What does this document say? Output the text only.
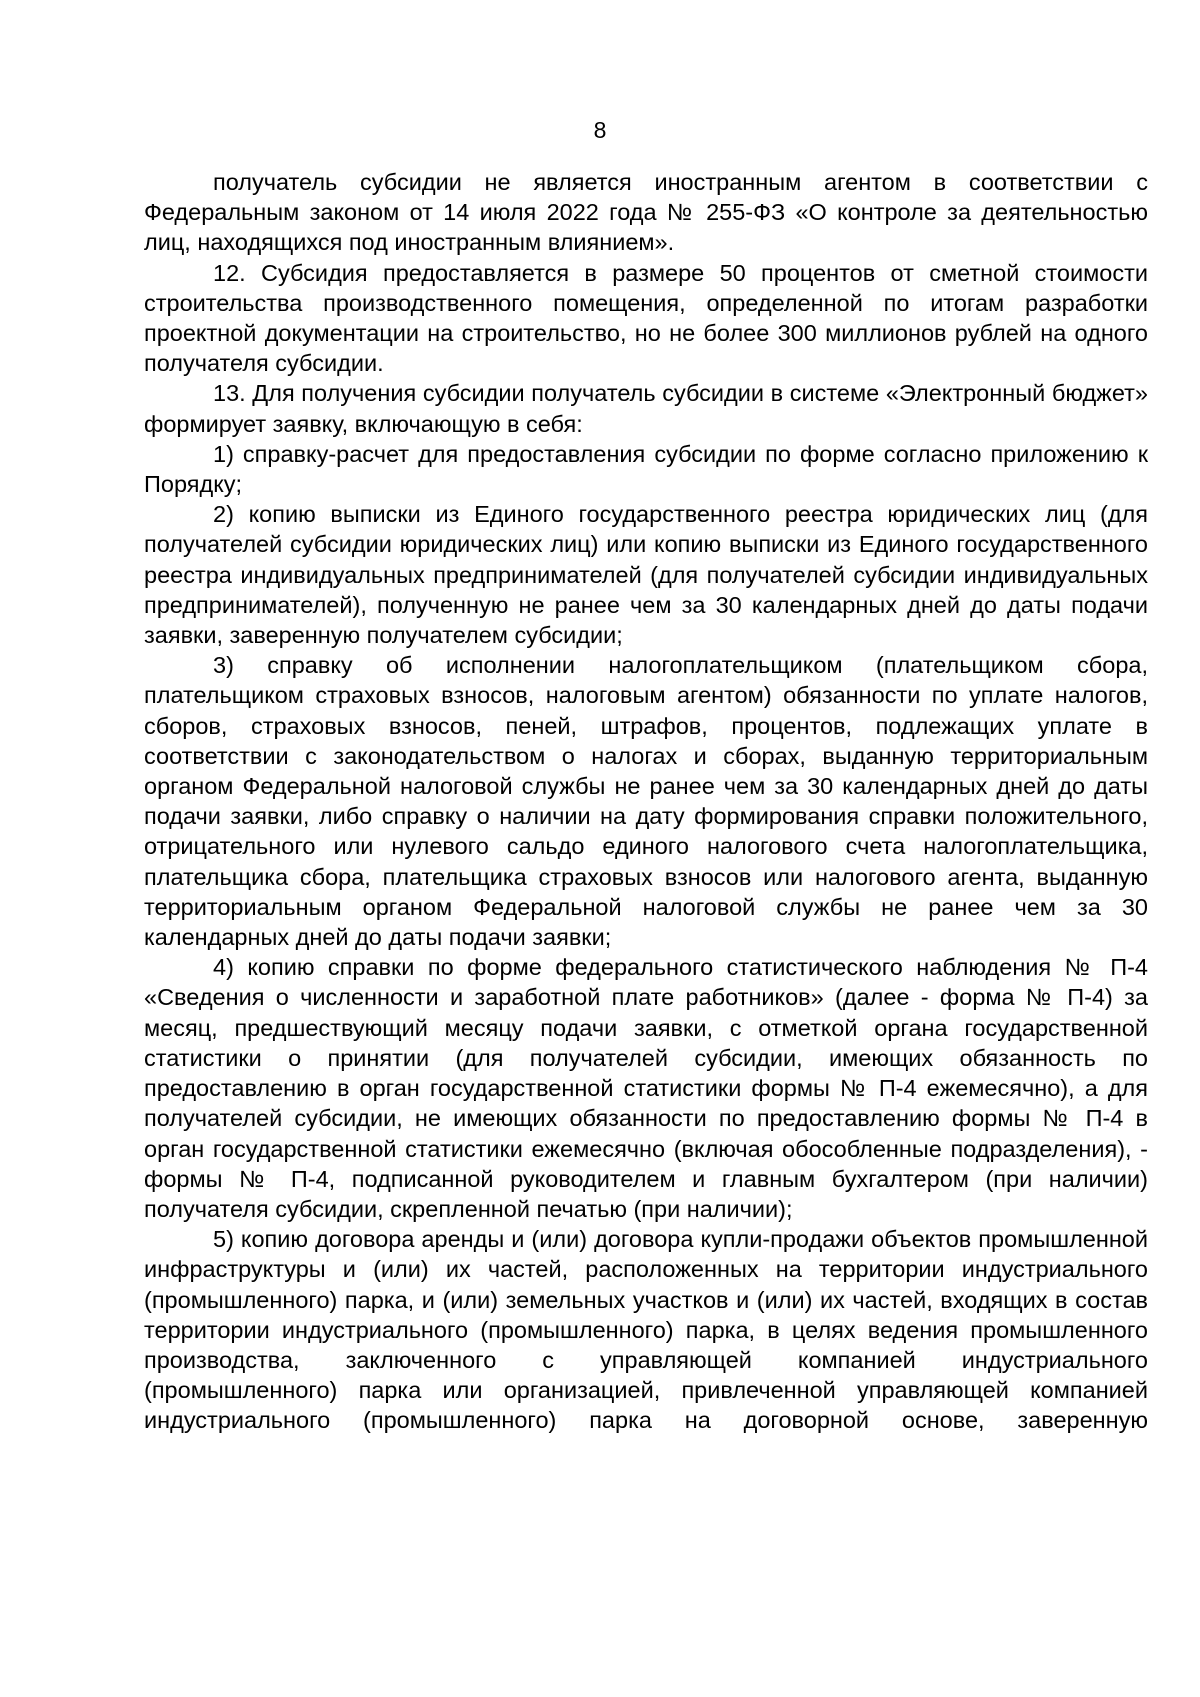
8

получатель субсидии не является иностранным агентом в соответствии с Федеральным законом от 14 июля 2022 года № 255-ФЗ «О контроле за деятельностью лиц, находящихся под иностранным влиянием».

12. Субсидия предоставляется в размере 50 процентов от сметной стоимости строительства производственного помещения, определенной по итогам разработки проектной документации на строительство, но не более 300 миллионов рублей на одного получателя субсидии.

13. Для получения субсидии получатель субсидии в системе «Электронный бюджет» формирует заявку, включающую в себя:

1) справку-расчет для предоставления субсидии по форме согласно приложению к Порядку;

2) копию выписки из Единого государственного реестра юридических лиц (для получателей субсидии юридических лиц) или копию выписки из Единого государственного реестра индивидуальных предпринимателей (для получателей субсидии индивидуальных предпринимателей), полученную не ранее чем за 30 календарных дней до даты подачи заявки, заверенную получателем субсидии;

3) справку об исполнении налогоплательщиком (плательщиком сбора, плательщиком страховых взносов, налоговым агентом) обязанности по уплате налогов, сборов, страховых взносов, пеней, штрафов, процентов, подлежащих уплате в соответствии с законодательством о налогах и сборах, выданную территориальным органом Федеральной налоговой службы не ранее чем за 30 календарных дней до даты подачи заявки, либо справку о наличии на дату формирования справки положительного, отрицательного или нулевого сальдо единого налогового счета налогоплательщика, плательщика сбора, плательщика страховых взносов или налогового агента, выданную территориальным органом Федеральной налоговой службы не ранее чем за 30 календарных дней до даты подачи заявки;

4) копию справки по форме федерального статистического наблюдения № П-4 «Сведения о численности и заработной плате работников» (далее - форма № П-4) за месяц, предшествующий месяцу подачи заявки, с отметкой органа государственной статистики о принятии (для получателей субсидии, имеющих обязанность по предоставлению в орган государственной статистики формы № П-4 ежемесячно), а для получателей субсидии, не имеющих обязанности по предоставлению формы № П-4 в орган государственной статистики ежемесячно (включая обособленные подразделения), - формы № П-4, подписанной руководителем и главным бухгалтером (при наличии) получателя субсидии, скрепленной печатью (при наличии);

5) копию договора аренды и (или) договора купли-продажи объектов промышленной инфраструктуры и (или) их частей, расположенных на территории индустриального (промышленного) парка, и (или) земельных участков и (или) их частей, входящих в состав территории индустриального (промышленного) парка, в целях ведения промышленного производства, заключенного с управляющей компанией индустриального (промышленного) парка или организацией, привлеченной управляющей компанией индустриального (промышленного) парка на договорной основе, заверенную
